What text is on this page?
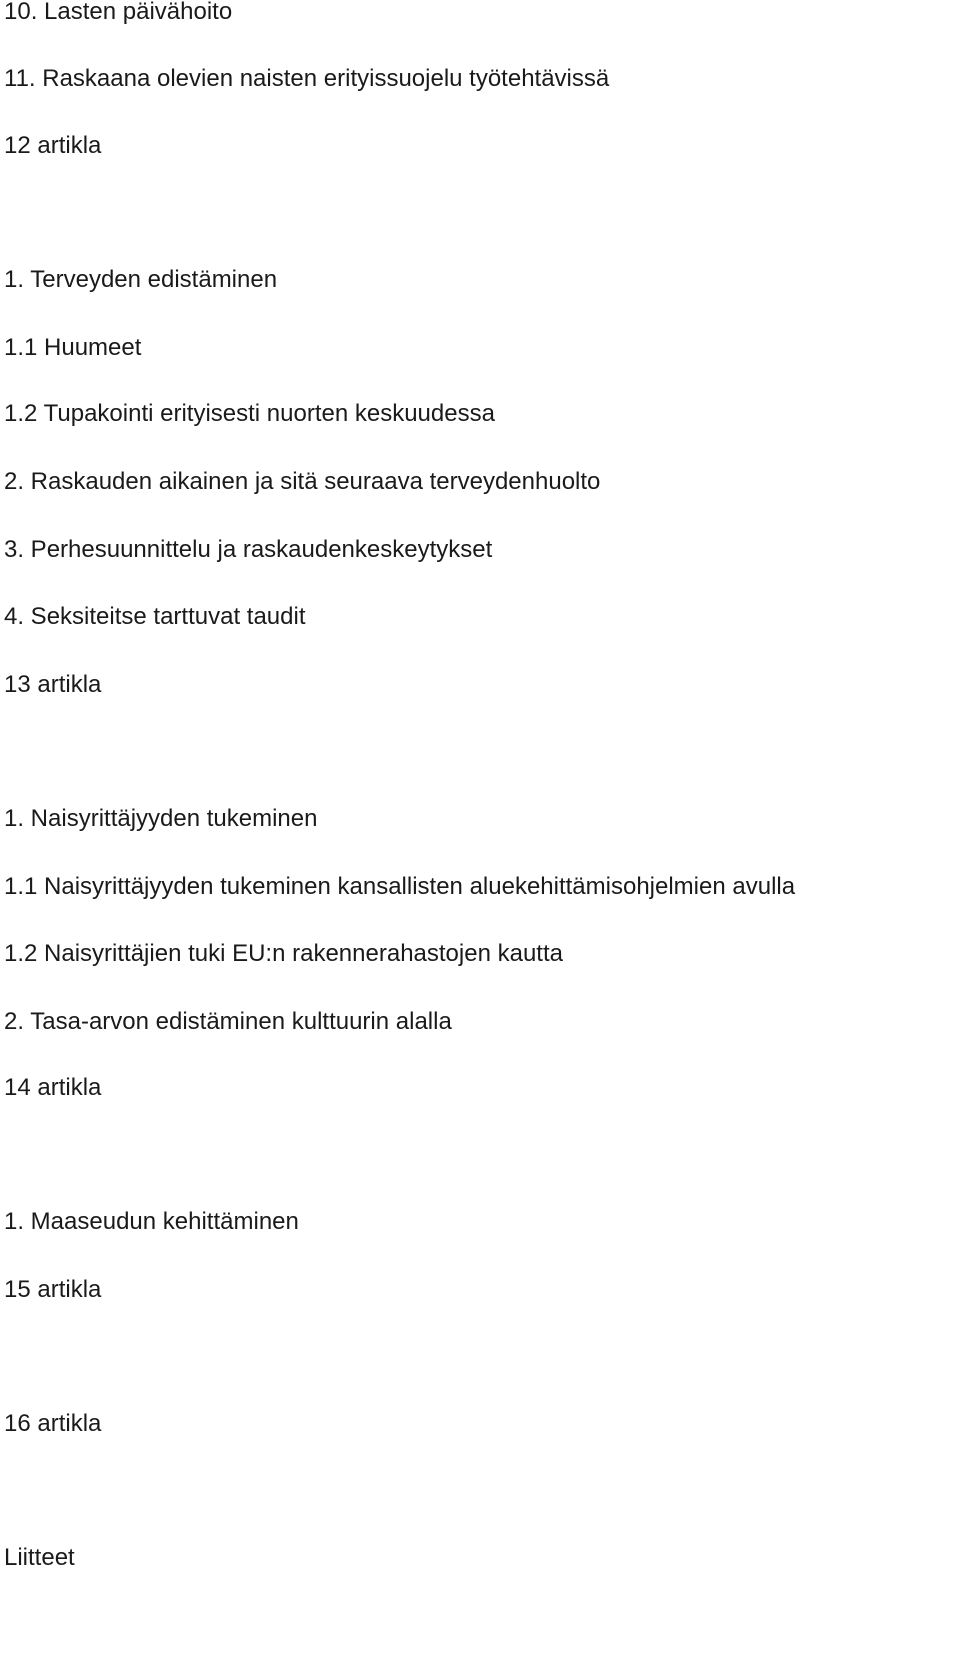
10. Lasten päivähoito

11. Raskaana olevien naisten erityissuojelu työtehtävissä

12 artikla

1. Terveyden edistäminen

1.1 Huumeet

1.2 Tupakointi erityisesti nuorten keskuudessa

2. Raskauden aikainen ja sitä seuraava terveydenhuolto

3. Perhesuunnittelu ja raskaudenkeskeytykset

4. Seksiteitse tarttuvat taudit

13 artikla

1. Naisyrittäjyyden tukeminen

1.1 Naisyrittäjyyden tukeminen kansallisten aluekehittämisohjelmien avulla

1.2 Naisyrittäjien tuki EU:n rakennerahastojen kautta

2. Tasa-arvon edistäminen kulttuurin alalla

14 artikla

1. Maaseudun kehittäminen

15 artikla

16 artikla

Liitteet
